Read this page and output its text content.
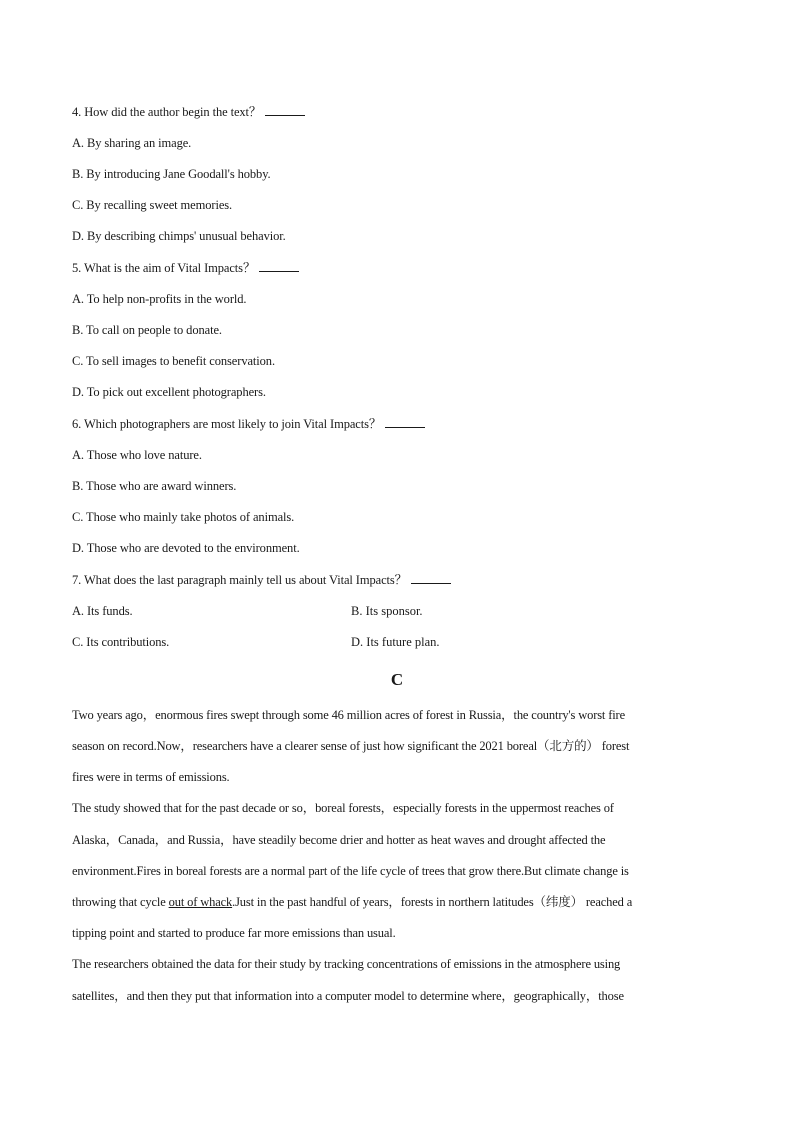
4. How did the author begin the text？
A. By sharing an image.
B. By introducing Jane Goodall's hobby.
C. By recalling sweet memories.
D. By describing chimps' unusual behavior.
5. What is the aim of Vital Impacts？
A. To help non-profits in the world.
B. To call on people to donate.
C. To sell images to benefit conservation.
D. To pick out excellent photographers.
6. Which photographers are most likely to join Vital Impacts？
A. Those who love nature.
B. Those who are award winners.
C. Those who mainly take photos of animals.
D. Those who are devoted to the environment.
7. What does the last paragraph mainly tell us about Vital Impacts？
A. Its funds.	B. Its sponsor.
C. Its contributions.	D. Its future plan.
C
Two years ago，enormous fires swept through some 46 million acres of forest in Russia，the country's worst fire
season on record.Now，researchers have a clearer sense of just how significant the 2021 boreal（北方的） forest
fires were in terms of emissions.
The study showed that for the past decade or so，boreal forests，especially forests in the uppermost reaches of
Alaska，Canada，and Russia，have steadily become drier and hotter as heat waves and drought affected the
environment.Fires in boreal forests are a normal part of the life cycle of trees that grow there.But climate change is
throwing that cycle out of whack.Just in the past handful of years，forests in northern latitudes（纬度） reached a
tipping point and started to produce far more emissions than usual.
The researchers obtained the data for their study by tracking concentrations of emissions in the atmosphere using
satellites，and then they put that information into a computer model to determine where，geographically，those
